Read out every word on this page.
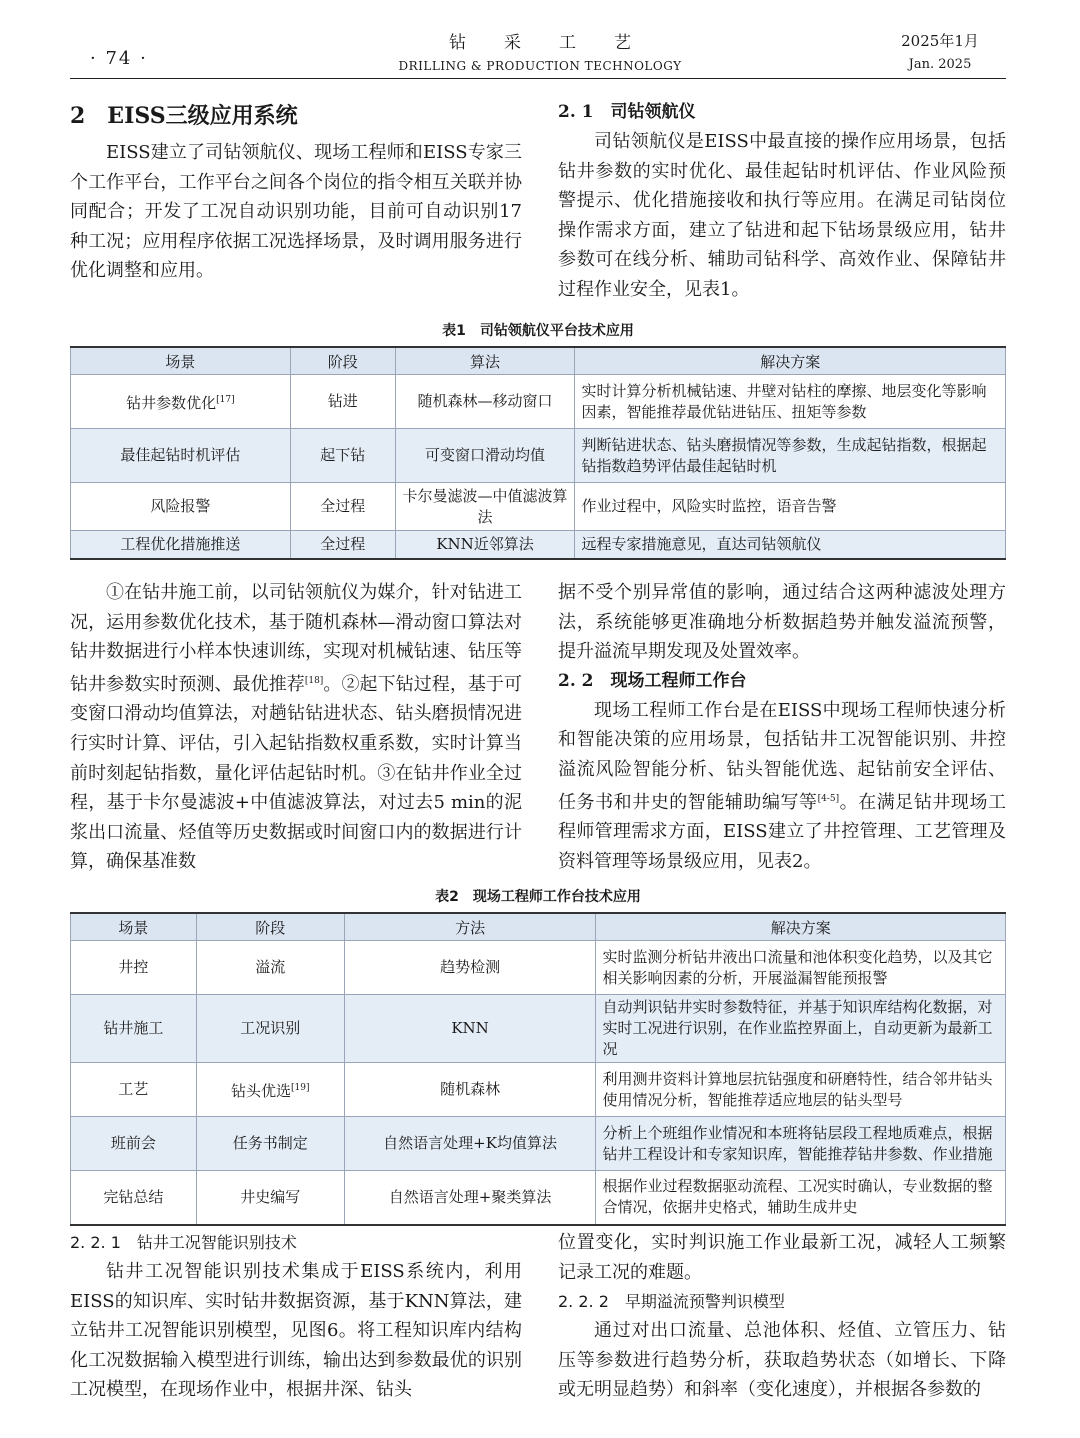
· 74 ·
钻采工艺
DRILLING & PRODUCTION TECHNOLOGY
2025年1月
Jan. 2025
2　EISS三级应用系统

EISS建立了司钻领航仪、现场工程师和EISS专家三个工作平台，工作平台之间各个岗位的指令相互关联并协同配合；开发了工况自动识别功能，目前可自动识别17种工况；应用程序依据工况选择场景，及时调用服务进行优化调整和应用。

2. 1　司钻领航仪

司钻领航仪是EISS中最直接的操作应用场景，包括钻井参数的实时优化、最佳起钻时机评估、作业风险预警提示、优化措施接收和执行等应用。在满足司钻岗位操作需求方面，建立了钻进和起下钻场景级应用，钻井参数可在线分析、辅助司钻科学、高效作业、保障钻井过程作业安全，见表1。

表1　司钻领航仪平台技术应用
场景	阶段	算法	解决方案
钻井参数优化[17]	钻进	随机森林—移动窗口	实时计算分析机械钻速、井壁对钻柱的摩擦、地层变化等影响因素，智能推荐最优钻进钻压、扭矩等参数
最佳起钻时机评估	起下钻	可变窗口滑动均值	判断钻进状态、钻头磨损情况等参数，生成起钻指数，根据起钻指数趋势评估最佳起钻时机
风险报警	全过程	卡尔曼滤波—中值滤波算法	作业过程中，风险实时监控，语音告警
工程优化措施推送	全过程	KNN近邻算法	远程专家措施意见，直达司钻领航仪

①在钻井施工前，以司钻领航仪为媒介，针对钻进工况，运用参数优化技术，基于随机森林—滑动窗口算法对钻井数据进行小样本快速训练，实现对机械钻速、钻压等钻井参数实时预测、最优推荐[18]。②起下钻过程，基于可变窗口滑动均值算法，对趟钻钻进状态、钻头磨损情况进行实时计算、评估，引入起钻指数权重系数，实时计算当前时刻起钻指数，量化评估起钻时机。③在钻井作业全过程，基于卡尔曼滤波+中值滤波算法，对过去5 min的泥浆出口流量、烃值等历史数据或时间窗口内的数据进行计算，确保基准数

据不受个别异常值的影响，通过结合这两种滤波处理方法，系统能够更准确地分析数据趋势并触发溢流预警，提升溢流早期发现及处置效率。

2. 2　现场工程师工作台

现场工程师工作台是在EISS中现场工程师快速分析和智能决策的应用场景，包括钻井工况智能识别、井控溢流风险智能分析、钻头智能优选、起钻前安全评估、任务书和井史的智能辅助编写等[4-5]。在满足钻井现场工程师管理需求方面，EISS建立了井控管理、工艺管理及资料管理等场景级应用，见表2。

表2　现场工程师工作台技术应用
场景	阶段	方法	解决方案
井控	溢流	趋势检测	实时监测分析钻井液出口流量和池体积变化趋势，以及其它相关影响因素的分析，开展溢漏智能预报警
钻井施工	工况识别	KNN	自动判识钻井实时参数特征，并基于知识库结构化数据，对实时工况进行识别，在作业监控界面上，自动更新为最新工况
工艺	钻头优选[19]	随机森林	利用测井资料计算地层抗钻强度和研磨特性，结合邻井钻头使用情况分析，智能推荐适应地层的钻头型号
班前会	任务书制定	自然语言处理+K均值算法	分析上个班组作业情况和本班将钻层段工程地质难点，根据钻井工程设计和专家知识库，智能推荐钻井参数、作业措施
完钻总结	井史编写	自然语言处理+聚类算法	根据作业过程数据驱动流程、工况实时确认，专业数据的整合情况，依据井史格式，辅助生成井史
2. 2. 1　钻井工况智能识别技术

钻井工况智能识别技术集成于EISS系统内，利用EISS的知识库、实时钻井数据资源，基于KNN算法，建立钻井工况智能识别模型，见图6。将工程知识库内结构化工况数据输入模型进行训练，输出达到参数最优的识别工况模型，在现场作业中，根据井深、钻头

位置变化，实时判识施工作业最新工况，减轻人工频繁记录工况的难题。

2. 2. 2　早期溢流预警判识模型

通过对出口流量、总池体积、烃值、立管压力、钻压等参数进行趋势分析，获取趋势状态（如增长、下降或无明显趋势）和斜率（变化速度），并根据各参数的
